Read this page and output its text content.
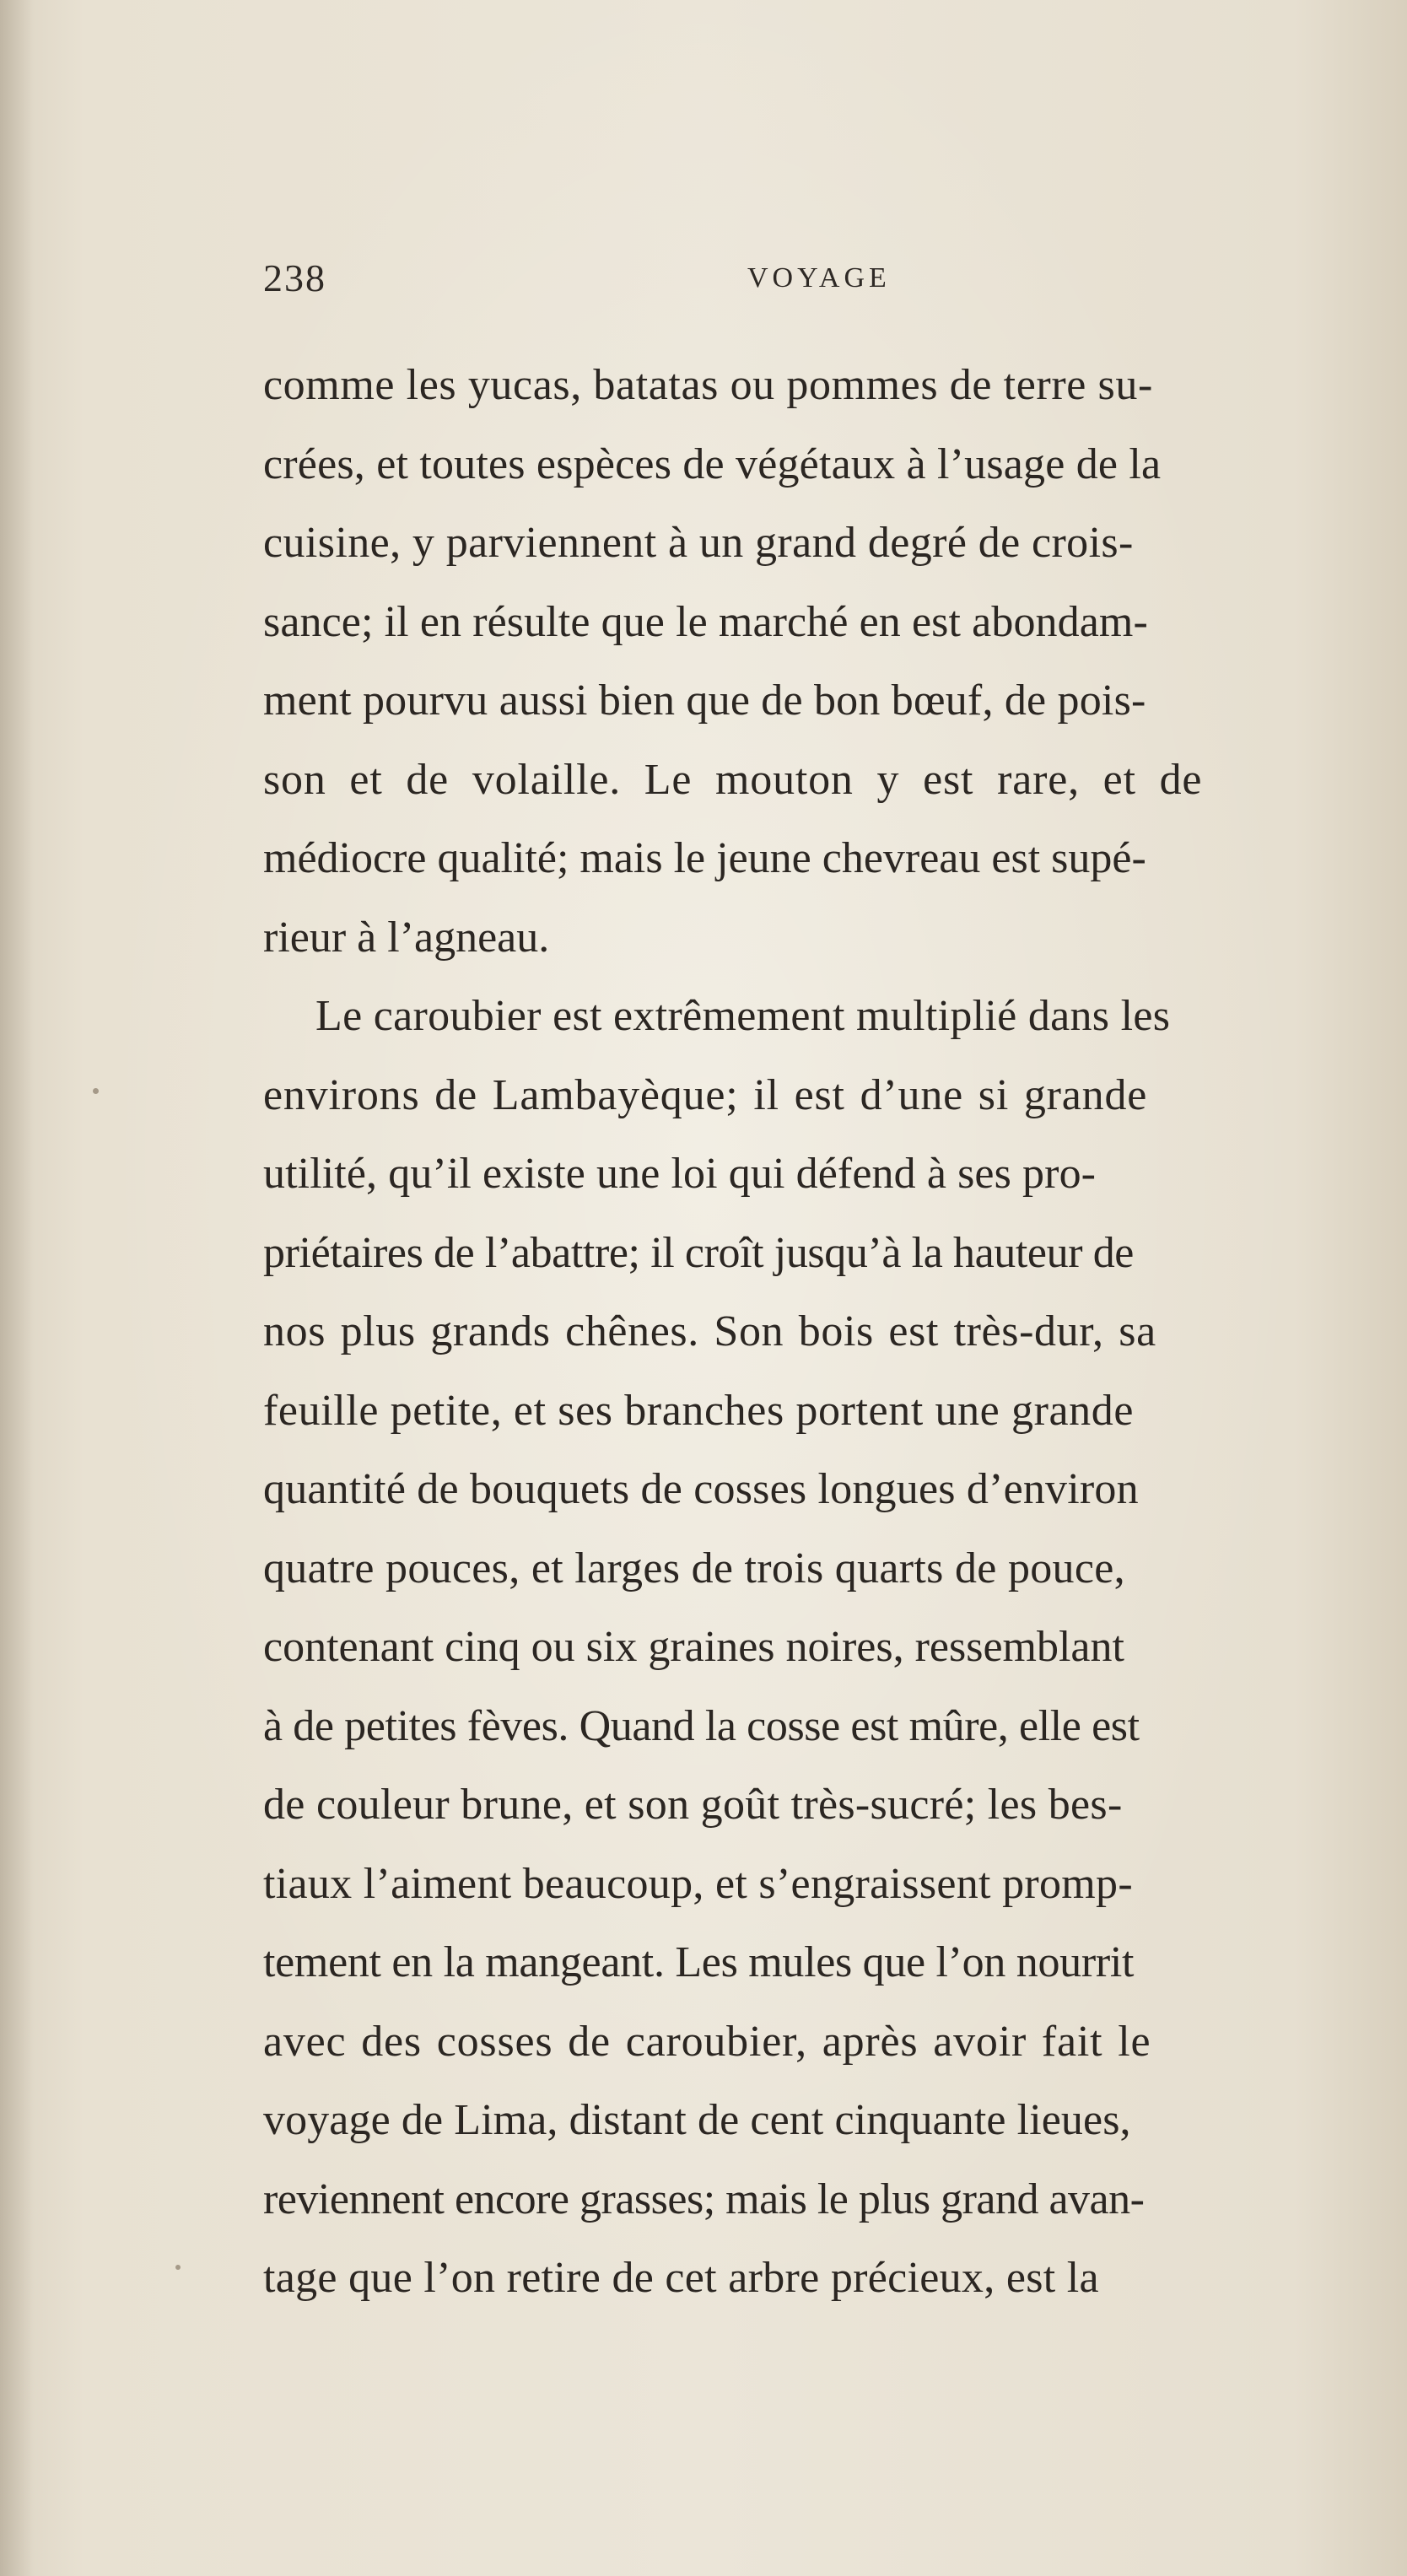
238	VOYAGE
comme les yucas, batatas ou pommes de terre su-
crées, et toutes espèces de végétaux à l’usage de la
cuisine, y parviennent à un grand degré de crois-
sance; il en résulte que le marché en est abondam-
ment pourvu aussi bien que de bon bœuf, de pois-
son et de volaille. Le mouton y est rare, et de
médiocre qualité; mais le jeune chevreau est supé-
rieur à l’agneau.
Le caroubier est extrêmement multiplié dans les
environs de Lambayèque; il est d’une si grande
utilité, qu’il existe une loi qui défend à ses pro-
priétaires de l’abattre; il croît jusqu’à la hauteur de
nos plus grands chênes. Son bois est très-dur, sa
feuille petite, et ses branches portent une grande
quantité de bouquets de cosses longues d’environ
quatre pouces, et larges de trois quarts de pouce,
contenant cinq ou six graines noires, ressemblant
à de petites fèves. Quand la cosse est mûre, elle est
de couleur brune, et son goût très-sucré; les bes-
tiaux l’aiment beaucoup, et s’engraissent promp-
tement en la mangeant. Les mules que l’on nourrit
avec des cosses de caroubier, après avoir fait le
voyage de Lima, distant de cent cinquante lieues,
reviennent encore grasses; mais le plus grand avan-
tage que l’on retire de cet arbre précieux, est la
